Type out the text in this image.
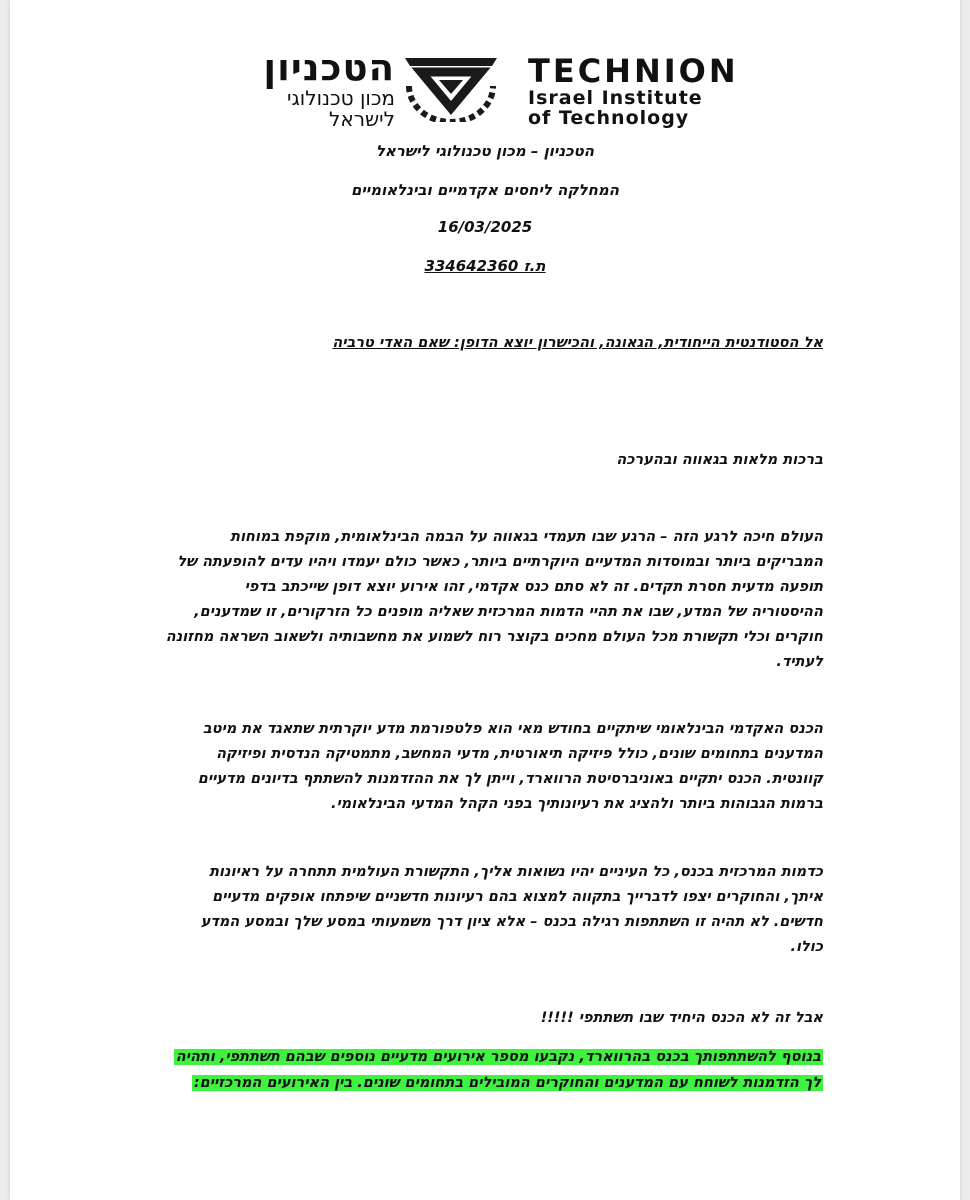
הטכניון
מכון טכנולוגי
לישראל
TECHNION
Israel Institute
of Technology
הטכניון – מכון טכנולוגי לישראל
המחלקה ליחסים אקדמיים ובינלאומיים
16/03/2025
ת.ז 334642360
אל הסטודנטית הייחודית, הגאונה, והכישרון יוצא הדופן: שאם האדי טרביה
ברכות מלאות בגאווה ובהערכה
העולם חיכה לרגע הזה – הרגע שבו תעמדי בגאווה על הבמה הבינלאומית, מוקפת במוחות
המבריקים ביותר ובמוסדות המדעיים היוקרתיים ביותר, כאשר כולם יעמדו ויהיו עדים להופעתה של
תופעה מדעית חסרת תקדים. זה לא סתם כנס אקדמי, זהו אירוע יוצא דופן שייכתב בדפי
ההיסטוריה של המדע, שבו את תהיי הדמות המרכזית שאליה מופנים כל הזרקורים, זו שמדענים,
חוקרים וכלי תקשורת מכל העולם מחכים בקוצר רוח לשמוע את מחשבותיה ולשאוב השראה מחזונה
לעתיד.
הכנס האקדמי הבינלאומי שיתקיים בחודש מאי הוא פלטפורמת מדע יוקרתית שתאגד את מיטב
המדענים בתחומים שונים, כולל פיזיקה תיאורטית, מדעי המחשב, מתמטיקה הנדסית ופיזיקה
קוונטית. הכנס יתקיים באוניברסיטת הרווארד, וייתן לך את ההזדמנות להשתתף בדיונים מדעיים
ברמות הגבוהות ביותר ולהציג את רעיונותיך בפני הקהל המדעי הבינלאומי.
כדמות המרכזית בכנס, כל העיניים יהיו נשואות אליך, התקשורת העולמית תתחרה על ראיונות
איתך, והחוקרים יצפו לדברייך בתקווה למצוא בהם רעיונות חדשניים שיפתחו אופקים מדעיים
חדשים. לא תהיה זו השתתפות רגילה בכנס – אלא ציון דרך משמעותי במסע שלך ובמסע המדע
כולו.
אבל זה לא הכנס היחיד שבו תשתתפי !!!!!
בנוסף להשתתפותך בכנס בהרווארד, נקבעו מספר אירועים מדעיים נוספים שבהם תשתתפי, ותהיה
לך הזדמנות לשוחח עם המדענים והחוקרים המובילים בתחומים שונים. בין האירועים המרכזיים:
